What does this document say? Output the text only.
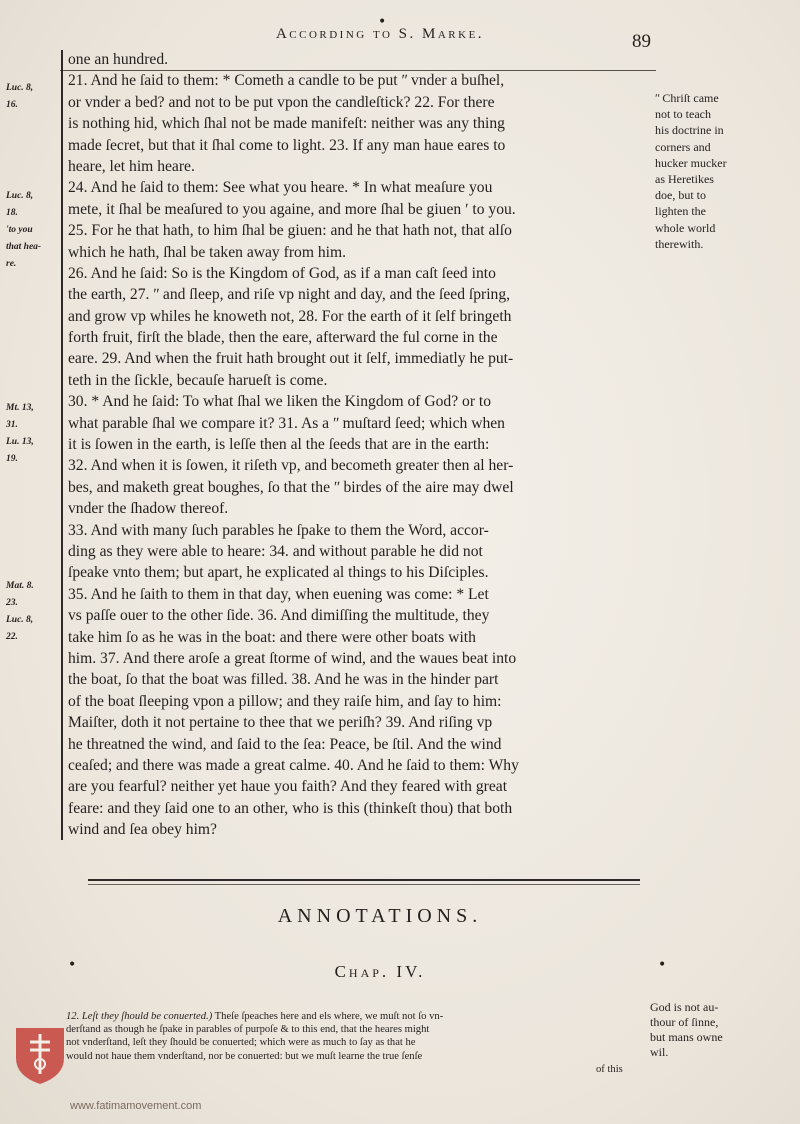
•
According to S. Marke.	89
Luc. 8,
16.
Luc. 8,
18.
'to you
that hea-
re.
Mt. 13,
31.
Lu. 13,
19.
Mat. 8.
23.
Luc. 8,
22.
one an hundred.
21. And he ſaid to them: * Cometh a candle to be put ʺ vnder a buſhel,
or vnder a bed? and not to be put vpon the candleſtick? 22. For there
is nothing hid, which ſhal not be made manifeſt: neither was any thing
made ſecret, but that it ſhal come to light. 23. If any man haue eares to
heare, let him heare.
24. And he ſaid to them: See what you heare. * In what meaſure you
mete, it ſhal be meaſured to you againe, and more ſhal be giuen ʹ to you.
25. For he that hath, to him ſhal be giuen: and he that hath not, that alſo
which he hath, ſhal be taken away from him.
26. And he ſaid: So is the Kingdom of God, as if a man caſt ſeed into
the earth, 27. ʺ and ſleep, and riſe vp night and day, and the ſeed ſpring,
and grow vp whiles he knoweth not, 28. For the earth of it ſelf bringeth
forth fruit, firſt the blade, then the eare, afterward the ful corne in the
eare. 29. And when the fruit hath brought out it ſelf, immediatly he put-
teth in the ſickle, becauſe harueſt is come.
30. * And he ſaid: To what ſhal we liken the Kingdom of God? or to
what parable ſhal we compare it? 31. As a ʺ muſtard ſeed; which when
it is ſowen in the earth, is leſſe then al the ſeeds that are in the earth:
32. And when it is ſowen, it riſeth vp, and becometh greater then al her-
bes, and maketh great boughes, ſo that the ʺ birdes of the aire may dwel
vnder the ſhadow thereof.
33. And with many ſuch parables he ſpake to them the Word, accor-
ding as they were able to heare: 34. and without parable he did not
ſpeake vnto them; but apart, he explicated al things to his Diſciples.
35. And he ſaith to them in that day, when euening was come: * Let
vs paſſe ouer to the other ſide. 36. And dimiſſing the multitude, they
take him ſo as he was in the boat: and there were other boats with
him. 37. And there aroſe a great ſtorme of wind, and the waues beat into
the boat, ſo that the boat was filled. 38. And he was in the hinder part
of the boat ſleeping vpon a pillow; and they raiſe him, and ſay to him:
Maiſter, doth it not pertaine to thee that we periſh? 39. And riſing vp
he threatned the wind, and ſaid to the ſea: Peace, be ſtil. And the wind
ceaſed; and there was made a great calme. 40. And he ſaid to them: Why
are you fearful? neither yet haue you faith? And they feared with great
feare: and they ſaid one to an other, who is this (thinkeſt thou) that both
wind and ſea obey him?
ʺ Chriſt came
not to teach
his doctrine in
corners and
hucker mucker
as Heretikes
doe, but to
lighten the
whole world
therewith.
ANNOTATIONS.
•	Chap. IV.	•
12. Leſt they ſhould be conuerted.) Theſe ſpeaches here and els where, we muſt not ſo vn-
derſtand as though he ſpake in parables of purpoſe & to this end, that the heares might
not vnderſtand, leſt they ſhould be conuerted; which were as much to ſay as that he
would not haue them vnderſtand, nor be conuerted: but we muſt learne the true ſenſe
of this
God is not au-
thour of ſinne,
but mans owne
wil.
www.fatimamovement.com
